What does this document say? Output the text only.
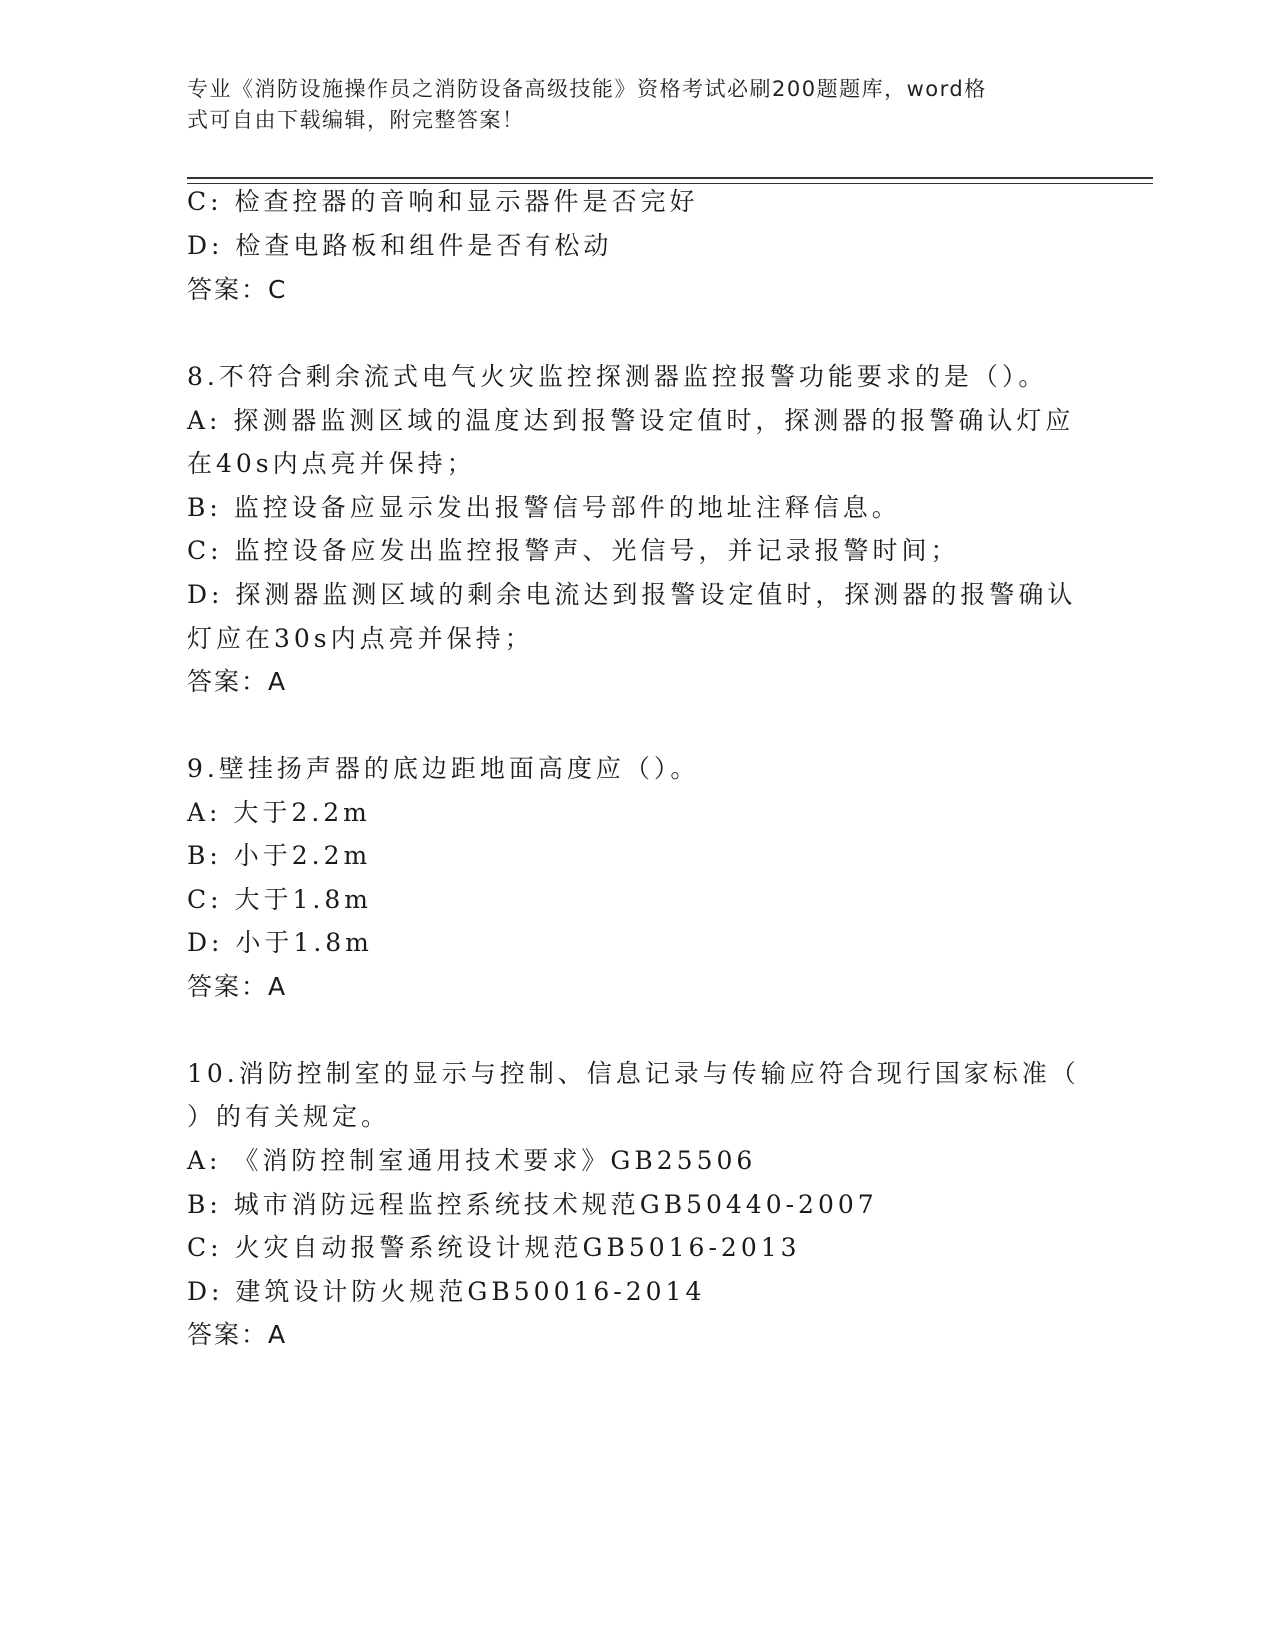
专业《消防设施操作员之消防设备高级技能》资格考试必刷200题题库，word格
式可自由下载编辑，附完整答案！
C: 检查控器的音响和显示器件是否完好
D: 检查电路板和组件是否有松动
答案：C
8.不符合剩余流式电气火灾监控探测器监控报警功能要求的是（）。
A: 探测器监测区域的温度达到报警设定值时，探测器的报警确认灯应
在40s内点亮并保持；
B: 监控设备应显示发出报警信号部件的地址注释信息。
C: 监控设备应发出监控报警声、光信号，并记录报警时间；
D: 探测器监测区域的剩余电流达到报警设定值时，探测器的报警确认
灯应在30s内点亮并保持；
答案：A
9.壁挂扬声器的底边距地面高度应（）。
A: 大于2.2m
B: 小于2.2m
C: 大于1.8m
D: 小于1.8m
答案：A
10.消防控制室的显示与控制、信息记录与传输应符合现行国家标准（
）的有关规定。
A: 《消防控制室通用技术要求》GB25506
B: 城市消防远程监控系统技术规范GB50440-2007
C: 火灾自动报警系统设计规范GB5016-2013
D: 建筑设计防火规范GB50016-2014
答案：A
